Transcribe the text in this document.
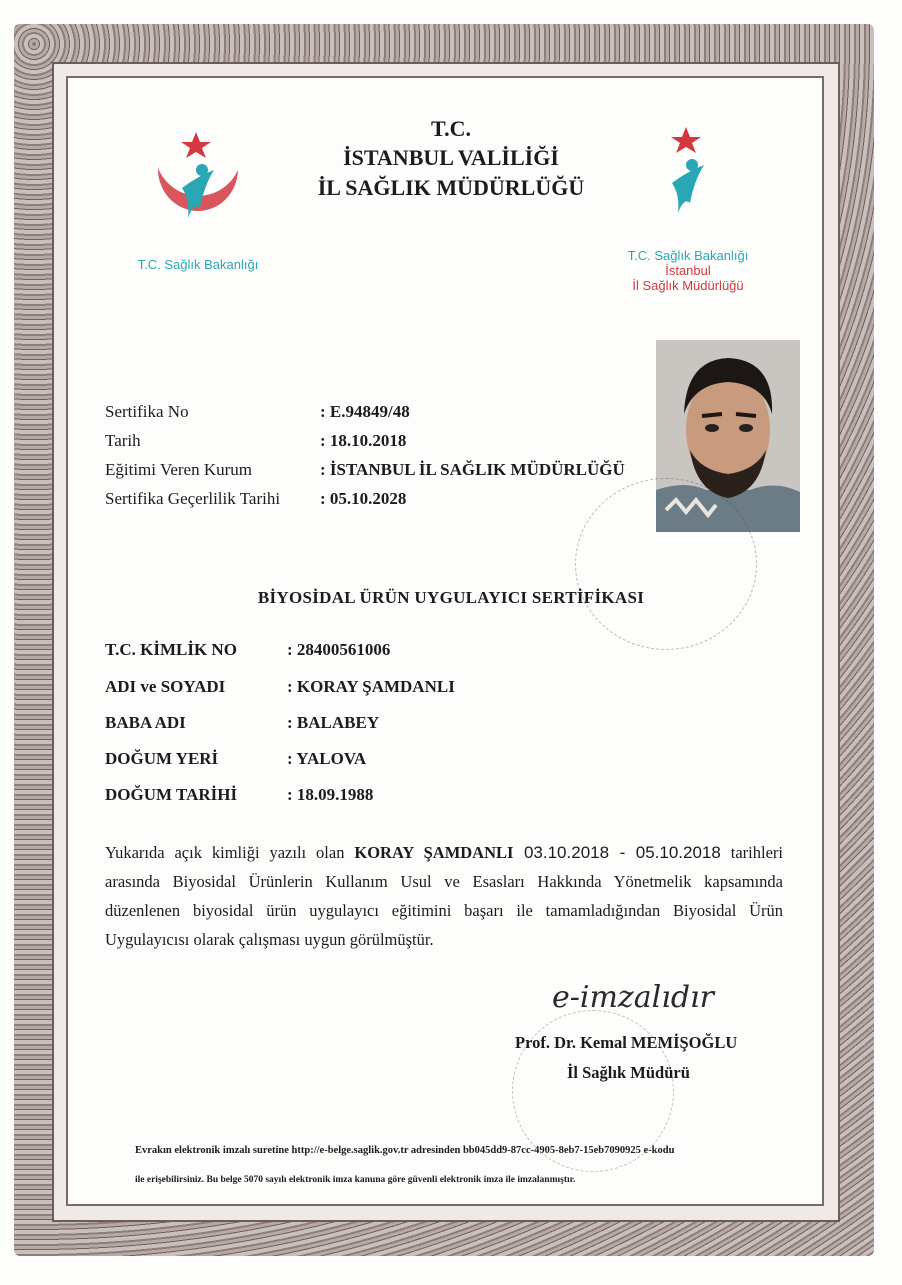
T.C.
İSTANBUL VALİLİĞİ
İL SAĞLIK MÜDÜRLÜĞÜ
T.C. Sağlık Bakanlığı
T.C. Sağlık Bakanlığı
İstanbul
İl Sağlık Müdürlüğü
Sertifika No	: E.94849/48
Tarih	: 18.10.2018
Eğitimi Veren Kurum	: İSTANBUL İL SAĞLIK MÜDÜRLÜĞÜ
Sertifika Geçerlilik Tarihi : 05.10.2028
BİYOSİDAL ÜRÜN UYGULAYICI SERTİFİKASI
T.C. KİMLİK NO	: 28400561006
ADI ve SOYADI	: KORAY ŞAMDANLI
BABA ADI	: BALABEY
DOĞUM YERİ	: YALOVA
DOĞUM TARİHİ	: 18.09.1988
Yukarıda açık kimliği yazılı olan KORAY ŞAMDANLI 03.10.2018 - 05.10.2018 tarihleri arasında Biyosidal Ürünlerin Kullanım Usul ve Esasları Hakkında Yönetmelik kapsamında düzenlenen biyosidal ürün uygulayıcı eğitimini başarı ile tamamladığından Biyosidal Ürün Uygulayıcısı olarak çalışması uygun görülmüştür.
e-imzalıdır
Prof. Dr. Kemal MEMİŞOĞLU
İl Sağlık Müdürü
Evrakın elektronik imzalı suretine http://e-belge.saglik.gov.tr adresinden bb045dd9-87cc-4905-8eb7-15eb7090925 e-kodu
ile erişebilirsiniz. Bu belge 5070 sayılı elektronik imza kanuna göre güvenli elektronik imza ile imzalanmıştır.
